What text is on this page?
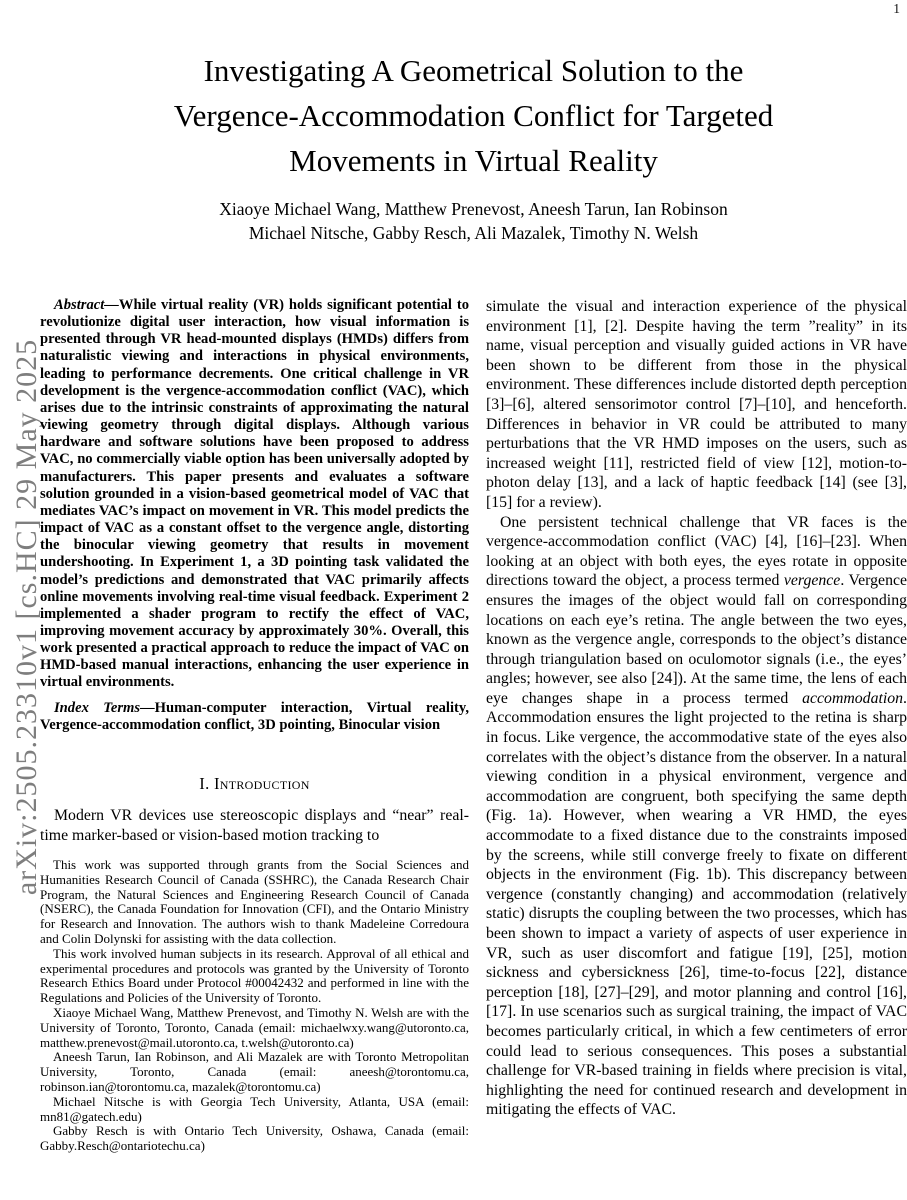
1
arXiv:2505.23310v1 [cs.HC] 29 May 2025
Investigating A Geometrical Solution to the
Vergence-Accommodation Conflict for Targeted
Movements in Virtual Reality
Xiaoye Michael Wang, Matthew Prenevost, Aneesh Tarun, Ian Robinson
Michael Nitsche, Gabby Resch, Ali Mazalek, Timothy N. Welsh

Abstract—While virtual reality (VR) holds significant potential to revolutionize digital user interaction, how visual information is presented through VR head-mounted displays (HMDs) differs from naturalistic viewing and interactions in physical environments, leading to performance decrements. One critical challenge in VR development is the vergence-accommodation conflict (VAC), which arises due to the intrinsic constraints of approximating the natural viewing geometry through digital displays. Although various hardware and software solutions have been proposed to address VAC, no commercially viable option has been universally adopted by manufacturers. This paper presents and evaluates a software solution grounded in a vision-based geometrical model of VAC that mediates VAC’s impact on movement in VR. This model predicts the impact of VAC as a constant offset to the vergence angle, distorting the binocular viewing geometry that results in movement undershooting. In Experiment 1, a 3D pointing task validated the model’s predictions and demonstrated that VAC primarily affects online movements involving real-time visual feedback. Experiment 2 implemented a shader program to rectify the effect of VAC, improving movement accuracy by approximately 30%. Overall, this work presented a practical approach to reduce the impact of VAC on HMD-based manual interactions, enhancing the user experience in virtual environments.

Index Terms—Human-computer interaction, Virtual reality, Vergence-accommodation conflict, 3D pointing, Binocular vision

I. Introduction

Modern VR devices use stereoscopic displays and “near” real-time marker-based or vision-based motion tracking to

This work was supported through grants from the Social Sciences and Humanities Research Council of Canada (SSHRC), the Canada Research Chair Program, the Natural Sciences and Engineering Research Council of Canada (NSERC), the Canada Foundation for Innovation (CFI), and the Ontario Ministry for Research and Innovation. The authors wish to thank Madeleine Corredoura and Colin Dolynski for assisting with the data collection.

This work involved human subjects in its research. Approval of all ethical and experimental procedures and protocols was granted by the University of Toronto Research Ethics Board under Protocol #00042432 and performed in line with the Regulations and Policies of the University of Toronto.

Xiaoye Michael Wang, Matthew Prenevost, and Timothy N. Welsh are with the University of Toronto, Toronto, Canada (email: michaelwxy.wang@utoronto.ca, matthew.prenevost@mail.utoronto.ca, t.welsh@utoronto.ca)

Aneesh Tarun, Ian Robinson, and Ali Mazalek are with Toronto Metropolitan University, Toronto, Canada (email: aneesh@torontomu.ca, robinson.ian@torontomu.ca, mazalek@torontomu.ca)

Michael Nitsche is with Georgia Tech University, Atlanta, USA (email: mn81@gatech.edu)

Gabby Resch is with Ontario Tech University, Oshawa, Canada (email: Gabby.Resch@ontariotechu.ca)

simulate the visual and interaction experience of the physical environment [1], [2]. Despite having the term ”reality” in its name, visual perception and visually guided actions in VR have been shown to be different from those in the physical environment. These differences include distorted depth perception [3]–[6], altered sensorimotor control [7]–[10], and henceforth. Differences in behavior in VR could be attributed to many perturbations that the VR HMD imposes on the users, such as increased weight [11], restricted field of view [12], motion-to-photon delay [13], and a lack of haptic feedback [14] (see [3], [15] for a review).

One persistent technical challenge that VR faces is the vergence-accommodation conflict (VAC) [4], [16]–[23]. When looking at an object with both eyes, the eyes rotate in opposite directions toward the object, a process termed vergence. Vergence ensures the images of the object would fall on corresponding locations on each eye’s retina. The angle between the two eyes, known as the vergence angle, corresponds to the object’s distance through triangulation based on oculomotor signals (i.e., the eyes’ angles; however, see also [24]). At the same time, the lens of each eye changes shape in a process termed accommodation. Accommodation ensures the light projected to the retina is sharp in focus. Like vergence, the accommodative state of the eyes also correlates with the object’s distance from the observer. In a natural viewing condition in a physical environment, vergence and accommodation are congruent, both specifying the same depth (Fig. 1a). However, when wearing a VR HMD, the eyes accommodate to a fixed distance due to the constraints imposed by the screens, while still converge freely to fixate on different objects in the environment (Fig. 1b). This discrepancy between vergence (constantly changing) and accommodation (relatively static) disrupts the coupling between the two processes, which has been shown to impact a variety of aspects of user experience in VR, such as user discomfort and fatigue [19], [25], motion sickness and cybersickness [26], time-to-focus [22], distance perception [18], [27]–[29], and motor planning and control [16], [17]. In use scenarios such as surgical training, the impact of VAC becomes particularly critical, in which a few centimeters of error could lead to serious consequences. This poses a substantial challenge for VR-based training in fields where precision is vital, highlighting the need for continued research and development in mitigating the effects of VAC.
